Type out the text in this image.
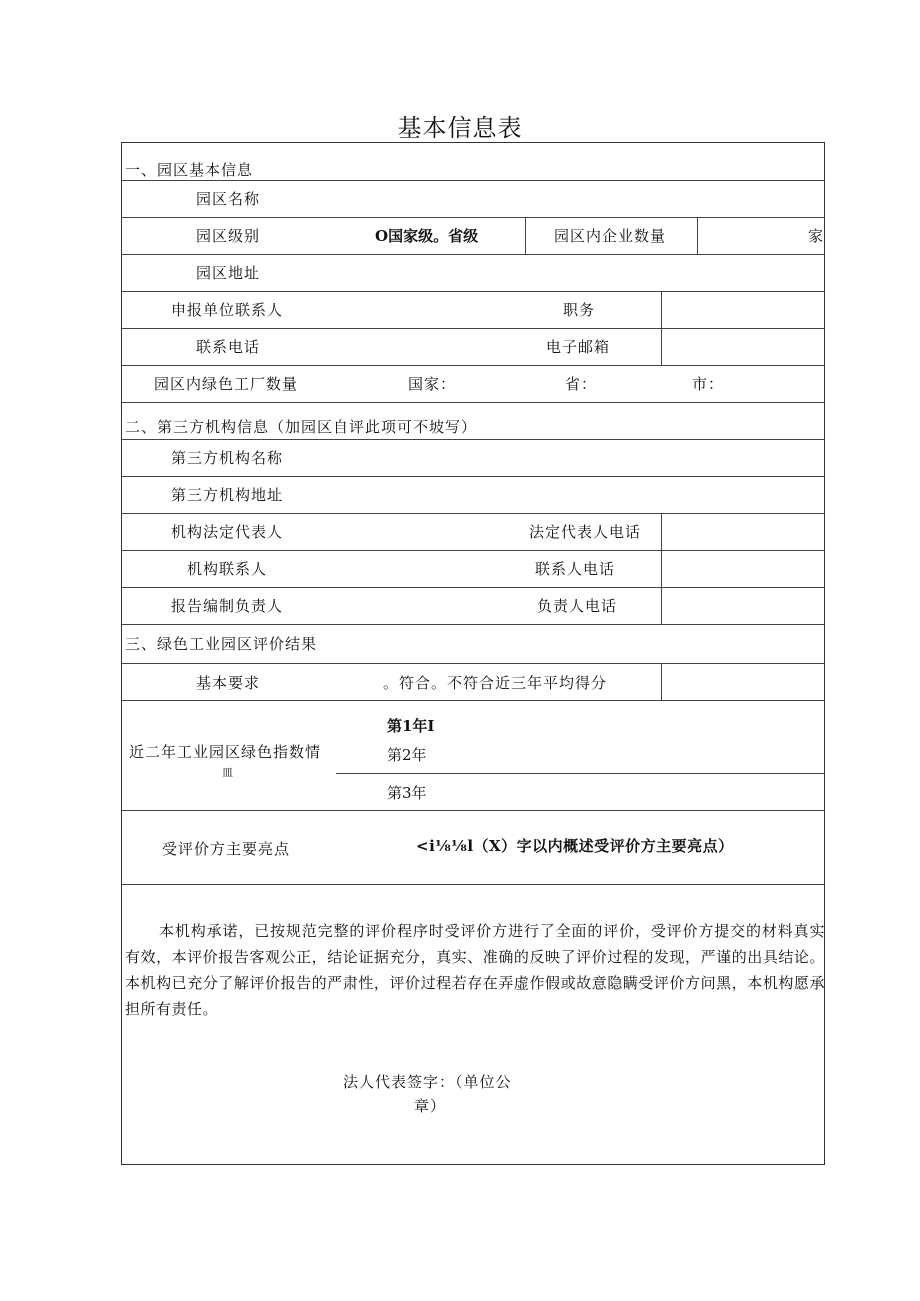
基本信息表
一、园区基本信息
园区名称
园区级别	O国家级。省级	园区内企业数量	家
园区地址
申报单位联系人	职务
联系电话	电子邮箱
园区内绿色工厂数量	国家：	省：	市：
二、第三方机构信息（加园区自评此项可不坡写）
第三方机构名称
第三方机构地址
机构法定代表人	法定代表人电话
机构联系人	联系人电话
报告编制负责人	负责人电话
三、绿色工业园区评价结果
基本要求	。符合。不符合近三年平均得分
近二年工业园区绿色指数情
皿
第1年I
第2年
第3年
受评价方主要亮点	<i⅛⅛l（X）字以内概述受评价方主要亮点）

本机构承诺，已按规范完整的评价程序时受评价方进行了全面的评价，受评价方提交的材料真实有效，本评价报告客观公正，结论证据充分，真实、准确的反映了评价过程的发现，严谨的出具结论。本机构已充分了解评价报告的严肃性，评价过程若存在弄虚作假或故意隐瞒受评价方问黑，本机构愿承担所有责任。

法人代表签字：（单位公
章）
